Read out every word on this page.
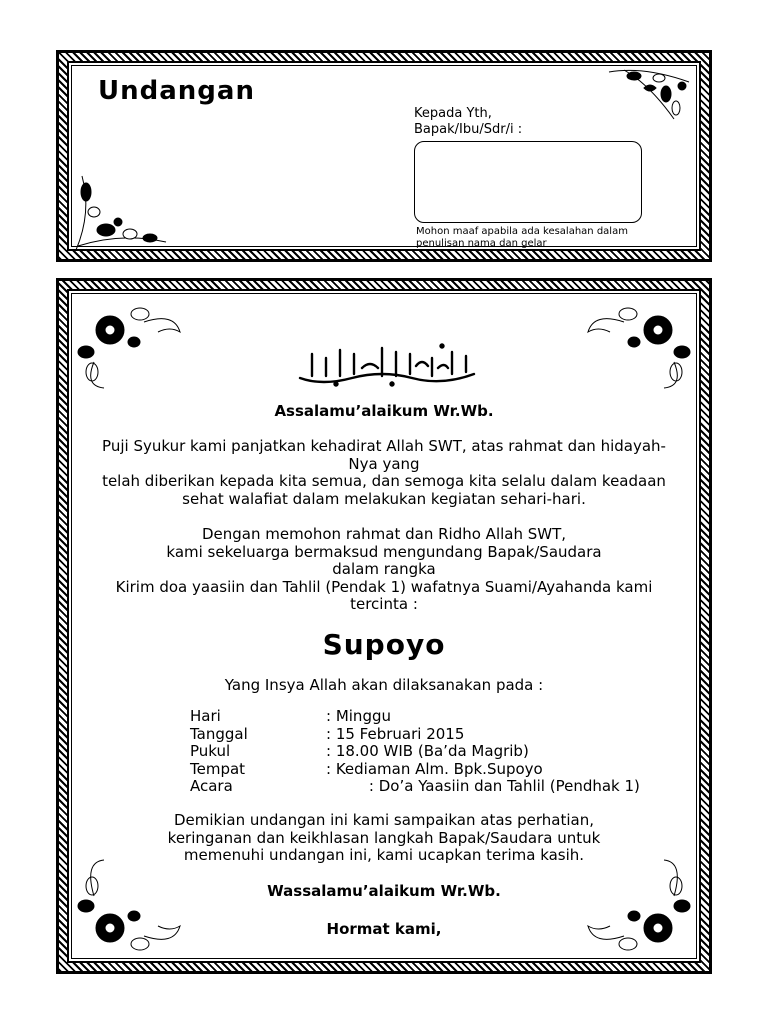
Undangan
Kepada Yth,
Bapak/Ibu/Sdr/i :
Mohon maaf apabila ada kesalahan dalam penulisan nama dan gelar
Assalamu’alaikum Wr.Wb.
Puji Syukur kami panjatkan kehadirat Allah SWT, atas rahmat dan hidayah-
Nya yang
telah diberikan kepada kita semua, dan semoga kita selalu dalam keadaan
sehat walafiat dalam melakukan kegiatan sehari-hari.
Dengan memohon rahmat dan Ridho Allah SWT,
kami sekeluarga bermaksud mengundang Bapak/Saudara
dalam rangka
Kirim doa yaasiin dan Tahlil (Pendak 1) wafatnya Suami/Ayahanda kami
tercinta :
Supoyo
Yang Insya Allah akan dilaksanakan pada :
Hari	: Minggu
Tanggal	: 15 Februari 2015
Pukul	: 18.00 WIB (Ba’da Magrib)
Tempat	: Kediaman Alm. Bpk.Supoyo
Acara	: Do’a Yaasiin dan Tahlil (Pendhak 1)
Demikian undangan ini kami sampaikan atas perhatian,
keringanan dan keikhlasan langkah Bapak/Saudara untuk
memenuhi undangan ini, kami ucapkan terima kasih.
Wassalamu’alaikum Wr.Wb.
Hormat kami,
